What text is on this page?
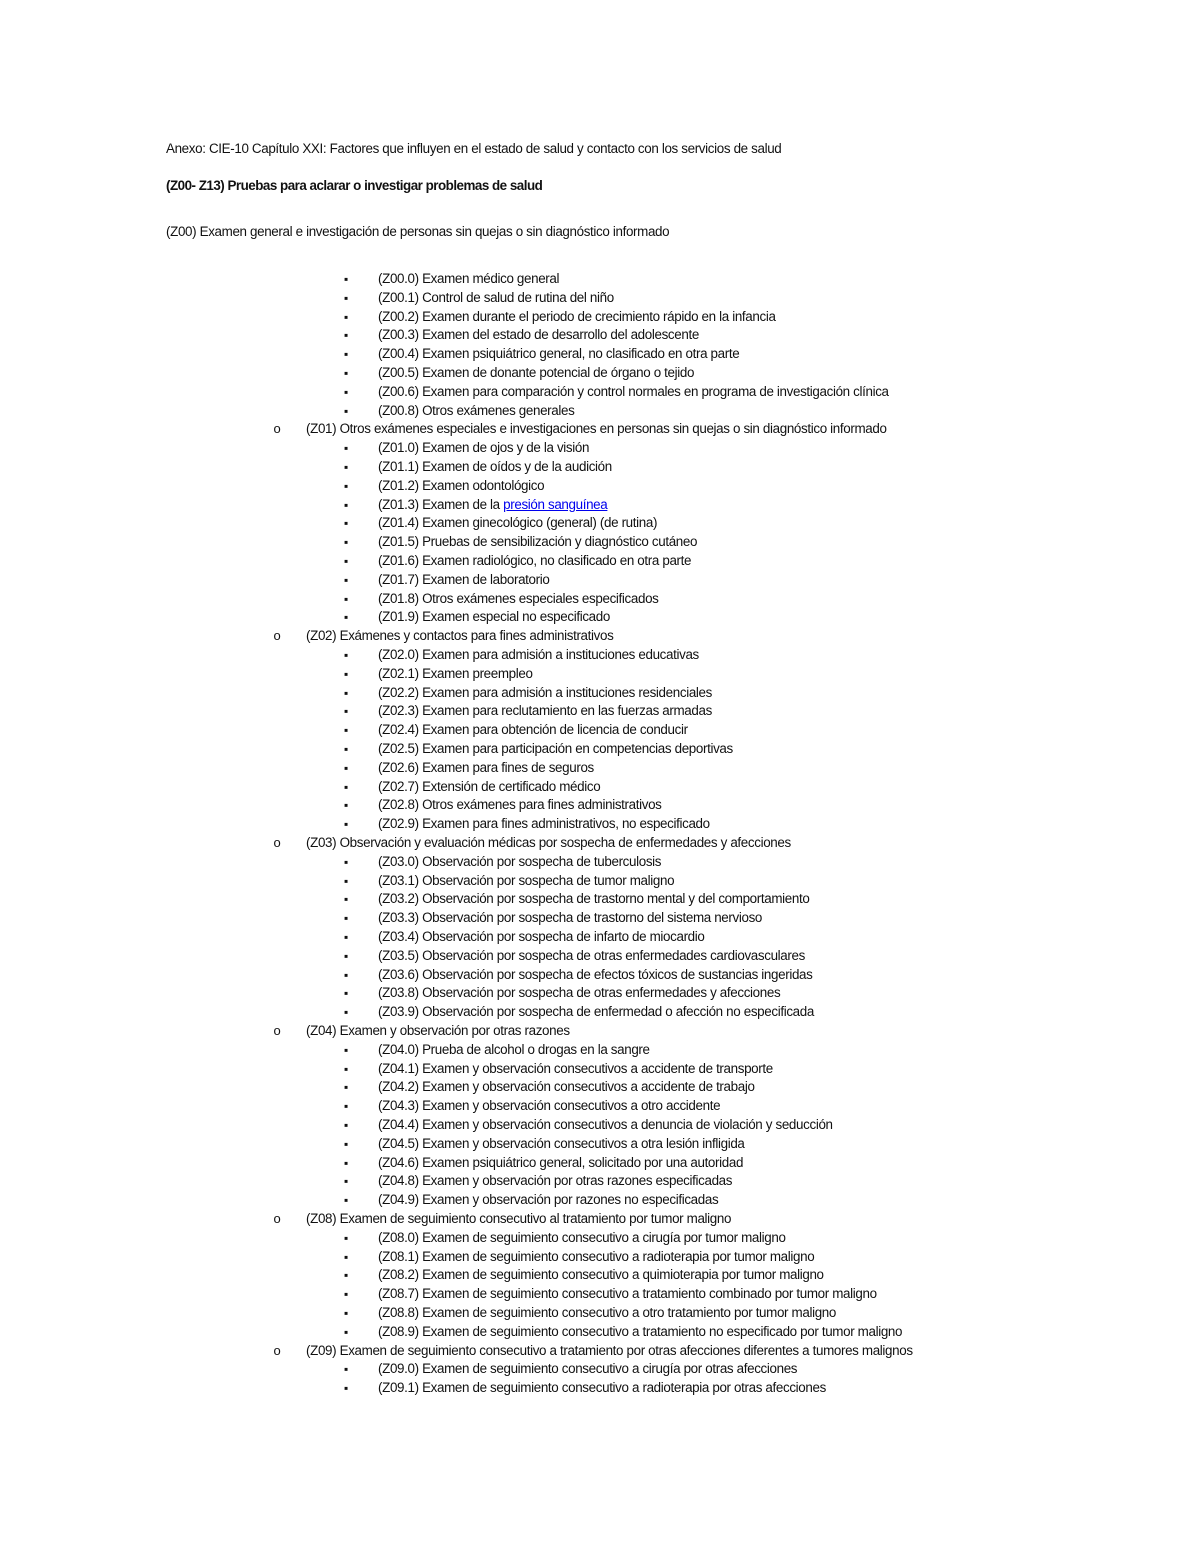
Anexo: CIE-10 Capítulo XXI: Factores que influyen en el estado de salud y contacto con los servicios de salud
(Z00- Z13) Pruebas para aclarar o investigar problemas de salud
(Z00) Examen general e investigación de personas sin quejas o sin diagnóstico informado
▪
(Z00.0) Examen médico general
▪
(Z00.1) Control de salud de rutina del niño
▪
(Z00.2) Examen durante el periodo de crecimiento rápido en la infancia
▪
(Z00.3) Examen del estado de desarrollo del adolescente
▪
(Z00.4) Examen psiquiátrico general, no clasificado en otra parte
▪
(Z00.5) Examen de donante potencial de órgano o tejido
▪
(Z00.6) Examen para comparación y control normales en programa de investigación clínica
▪
(Z00.8) Otros exámenes generales
o
(Z01) Otros exámenes especiales e investigaciones en personas sin quejas o sin diagnóstico informado
▪
(Z01.0) Examen de ojos y de la visión
▪
(Z01.1) Examen de oídos y de la audición
▪
(Z01.2) Examen odontológico
▪
(Z01.3) Examen de la presión sanguínea
▪
(Z01.4) Examen ginecológico (general) (de rutina)
▪
(Z01.5) Pruebas de sensibilización y diagnóstico cutáneo
▪
(Z01.6) Examen radiológico, no clasificado en otra parte
▪
(Z01.7) Examen de laboratorio
▪
(Z01.8) Otros exámenes especiales especificados
▪
(Z01.9) Examen especial no especificado
o
(Z02) Exámenes y contactos para fines administrativos
▪
(Z02.0) Examen para admisión a instituciones educativas
▪
(Z02.1) Examen preempleo
▪
(Z02.2) Examen para admisión a instituciones residenciales
▪
(Z02.3) Examen para reclutamiento en las fuerzas armadas
▪
(Z02.4) Examen para obtención de licencia de conducir
▪
(Z02.5) Examen para participación en competencias deportivas
▪
(Z02.6) Examen para fines de seguros
▪
(Z02.7) Extensión de certificado médico
▪
(Z02.8) Otros exámenes para fines administrativos
▪
(Z02.9) Examen para fines administrativos, no especificado
o
(Z03) Observación y evaluación médicas por sospecha de enfermedades y afecciones
▪
(Z03.0) Observación por sospecha de tuberculosis
▪
(Z03.1) Observación por sospecha de tumor maligno
▪
(Z03.2) Observación por sospecha de trastorno mental y del comportamiento
▪
(Z03.3) Observación por sospecha de trastorno del sistema nervioso
▪
(Z03.4) Observación por sospecha de infarto de miocardio
▪
(Z03.5) Observación por sospecha de otras enfermedades cardiovasculares
▪
(Z03.6) Observación por sospecha de efectos tóxicos de sustancias ingeridas
▪
(Z03.8) Observación por sospecha de otras enfermedades y afecciones
▪
(Z03.9) Observación por sospecha de enfermedad o afección no especificada
o
(Z04) Examen y observación por otras razones
▪
(Z04.0) Prueba de alcohol o drogas en la sangre
▪
(Z04.1) Examen y observación consecutivos a accidente de transporte
▪
(Z04.2) Examen y observación consecutivos a accidente de trabajo
▪
(Z04.3) Examen y observación consecutivos a otro accidente
▪
(Z04.4) Examen y observación consecutivos a denuncia de violación y seducción
▪
(Z04.5) Examen y observación consecutivos a otra lesión infligida
▪
(Z04.6) Examen psiquiátrico general, solicitado por una autoridad
▪
(Z04.8) Examen y observación por otras razones especificadas
▪
(Z04.9) Examen y observación por razones no especificadas
o
(Z08) Examen de seguimiento consecutivo al tratamiento por tumor maligno
▪
(Z08.0) Examen de seguimiento consecutivo a cirugía por tumor maligno
▪
(Z08.1) Examen de seguimiento consecutivo a radioterapia por tumor maligno
▪
(Z08.2) Examen de seguimiento consecutivo a quimioterapia por tumor maligno
▪
(Z08.7) Examen de seguimiento consecutivo a tratamiento combinado por tumor maligno
▪
(Z08.8) Examen de seguimiento consecutivo a otro tratamiento por tumor maligno
▪
(Z08.9) Examen de seguimiento consecutivo a tratamiento no especificado por tumor maligno
o
(Z09) Examen de seguimiento consecutivo a tratamiento por otras afecciones diferentes a tumores malignos
▪
(Z09.0) Examen de seguimiento consecutivo a cirugía por otras afecciones
▪
(Z09.1) Examen de seguimiento consecutivo a radioterapia por otras afecciones
